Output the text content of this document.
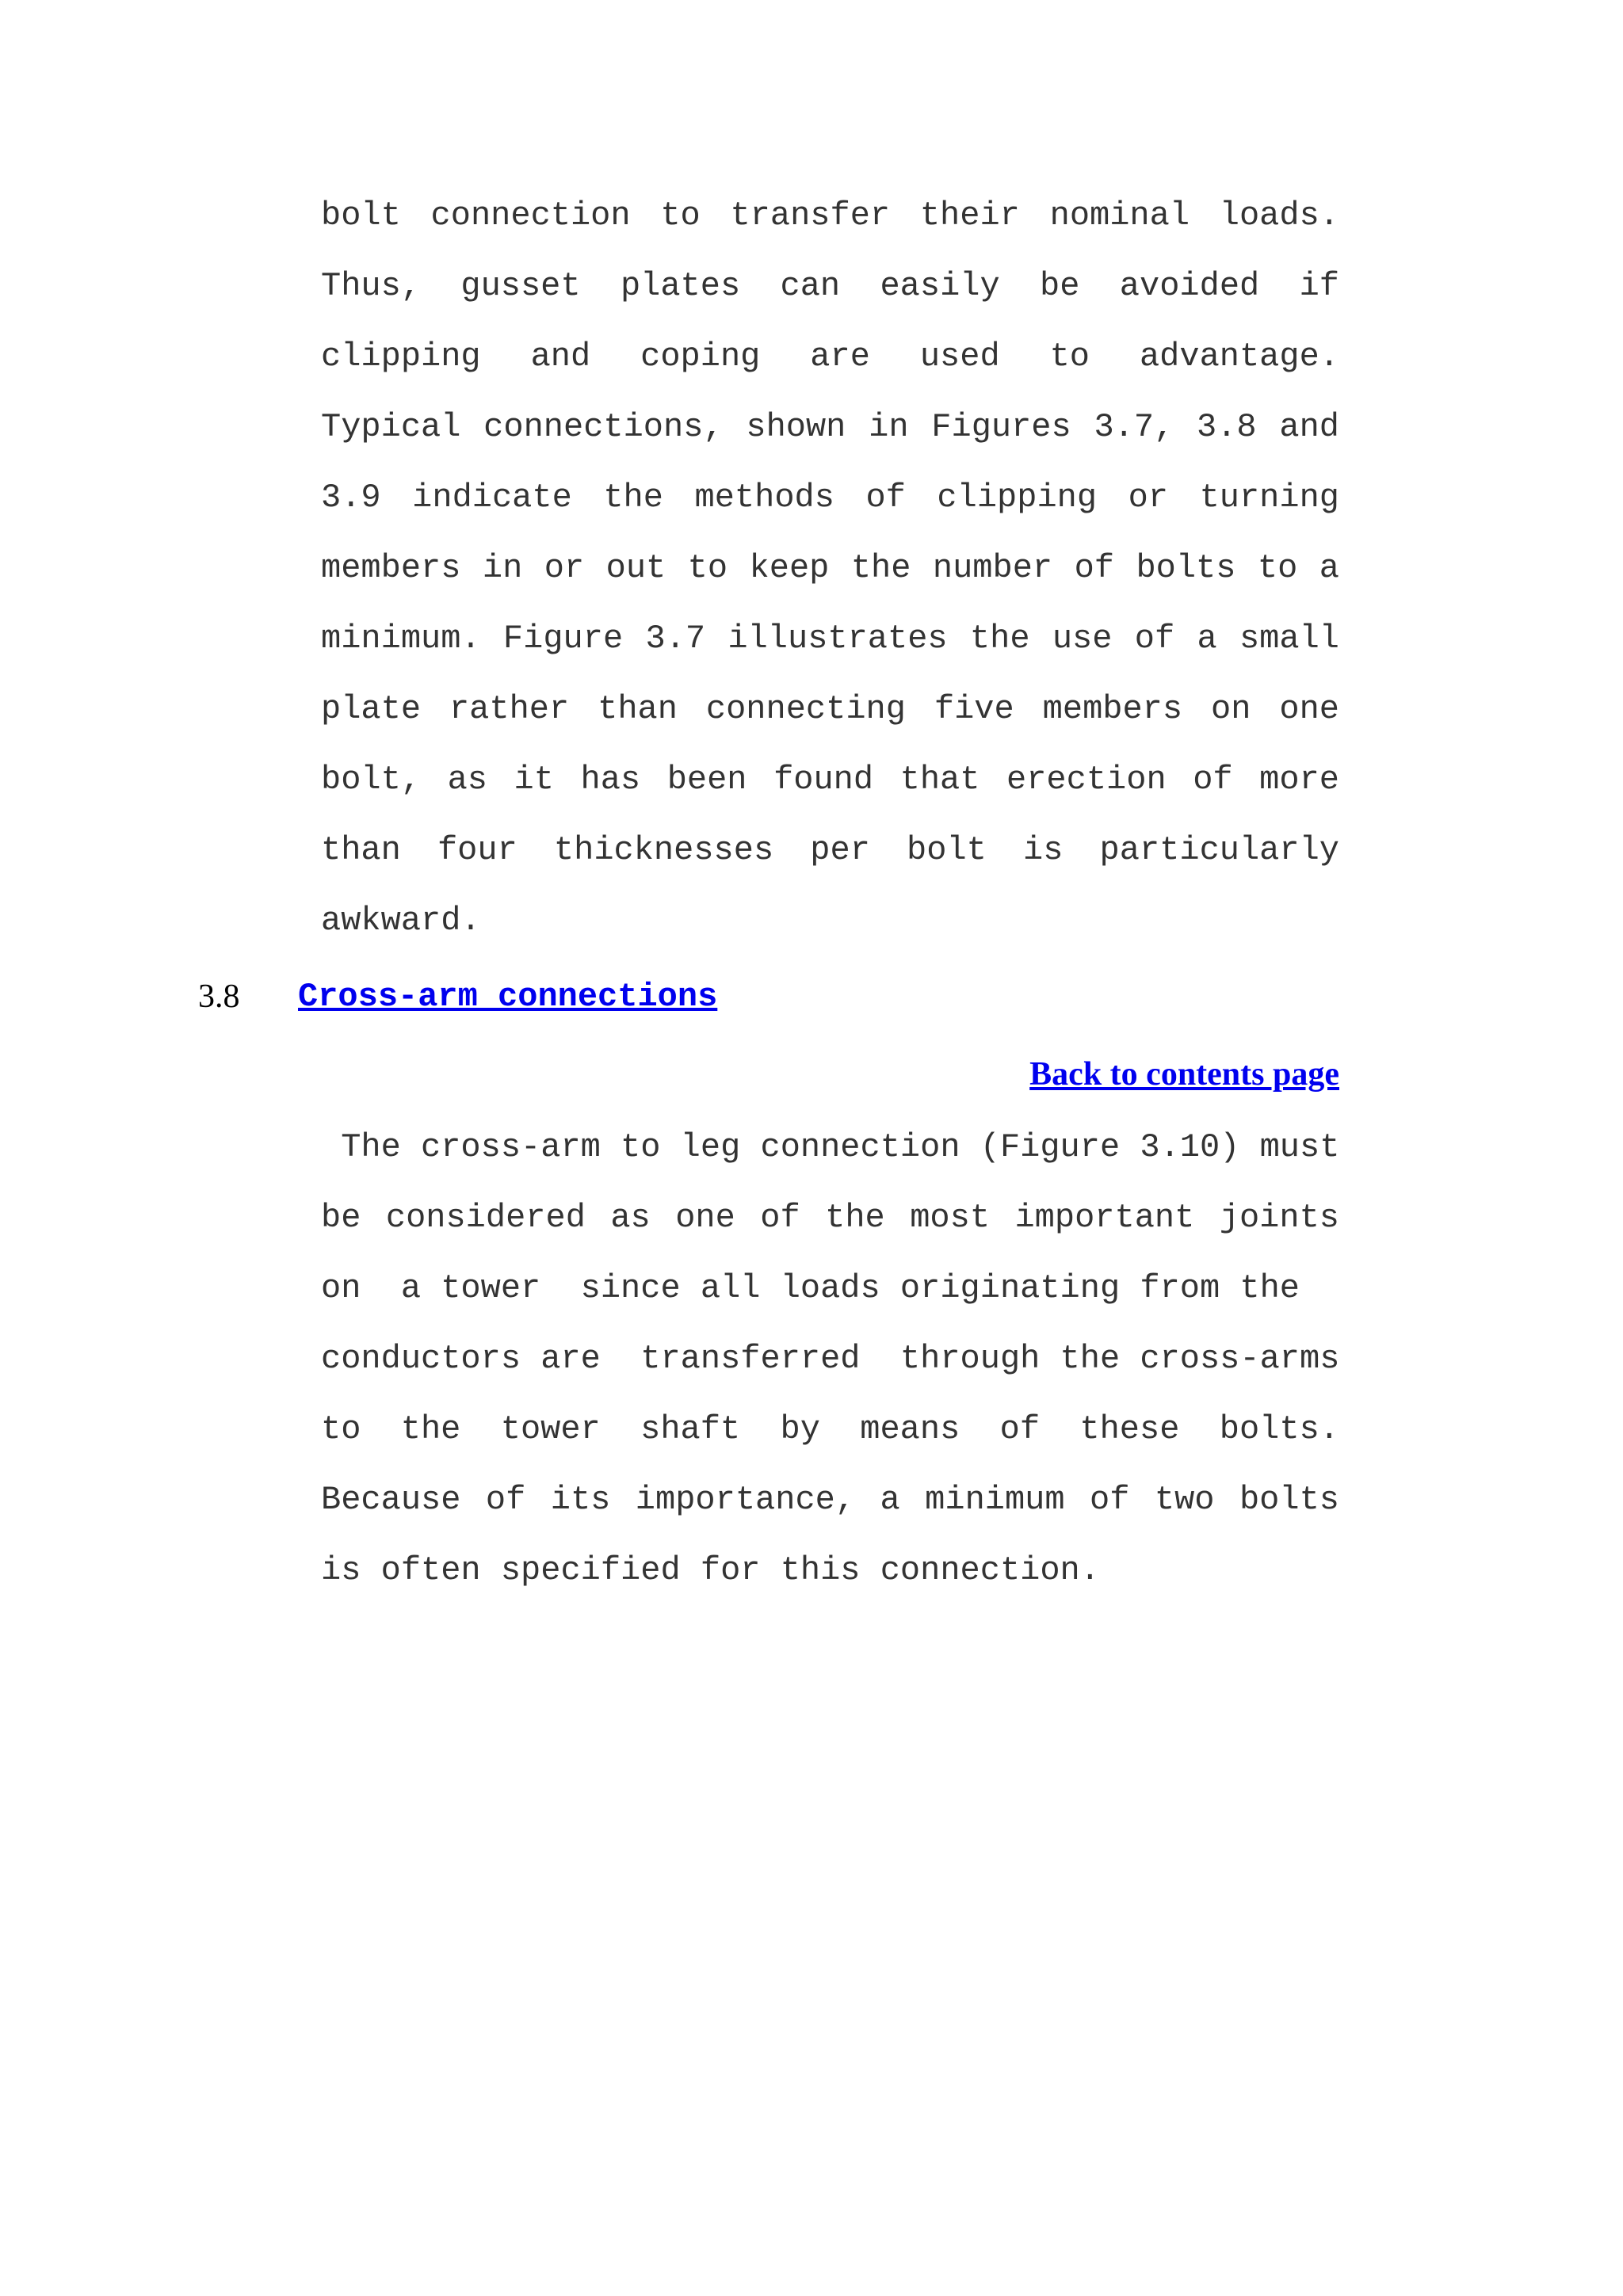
bolt connection to transfer their nominal loads.
Thus, gusset plates can easily be avoided if
clipping and coping are used to advantage.
Typical connections, shown in Figures 3.7, 3.8 and
3.9 indicate the methods of clipping or turning
members in or out to keep the number of bolts to a
minimum. Figure 3.7 illustrates the use of a small
plate rather than connecting five members on one
bolt, as it has been found that erection of more
than four thicknesses per bolt is particularly
awkward.
3.8 Cross-arm connections
Back to contents page
The cross-arm to leg connection (Figure 3.10) must
be considered as one of the most important joints
on  a tower  since all loads originating from the
conductors are  transferred  through the cross-arms
to the tower shaft by means of these bolts.
Because of its importance, a minimum of two bolts
is often specified for this connection.
